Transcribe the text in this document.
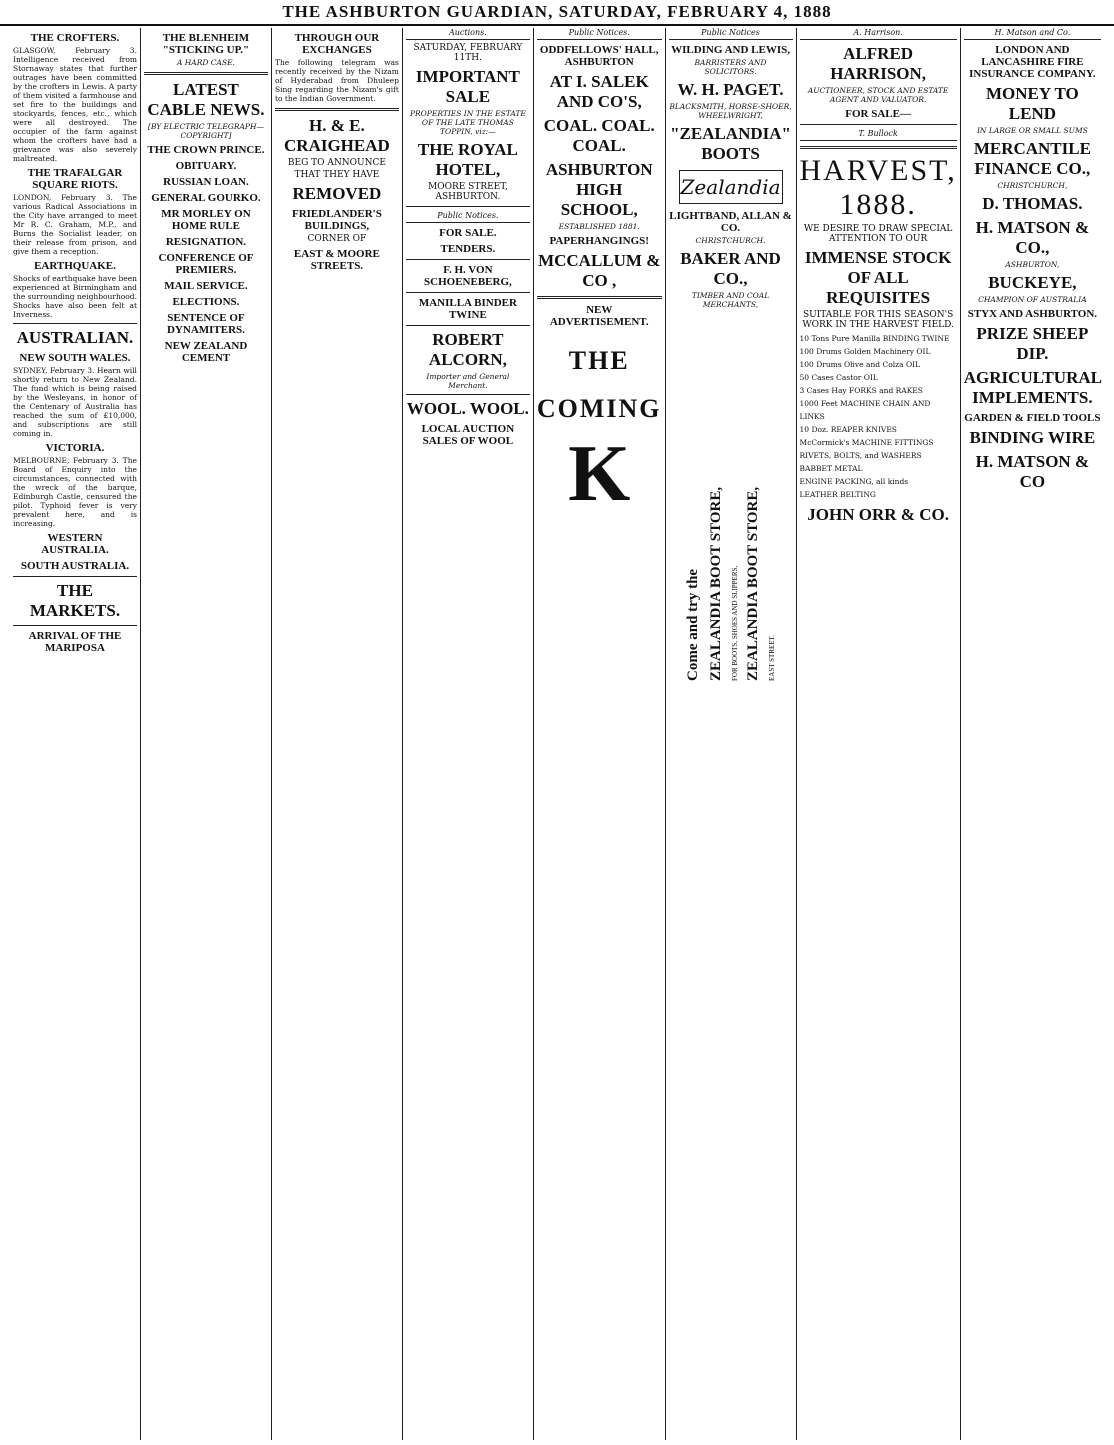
THE ASHBURTON GUARDIAN, SATURDAY, FEBRUARY 4, 1888
THE CROFTERS.
GLASGOW, February 3. Intelligence received from Stornaway states that further outrages have been committed by the crofters in Lewis. A party of them visited a farmhouse and set fire to the buildings and stockyards, fences, etc., which were all destroyed. The occupier of the farm against whom the crofters have had a grievance was also severely maltreated.
THE TRAFALGAR SQUARE RIOTS.
LONDON, February 3. The various Radical Associations in the City have arranged to meet Mr R. C. Graham, M.P., and Burns the Socialist leader, on their release from prison, and give them a reception.
EARTHQUAKE.
Shocks of earthquake have been experienced at Birmingham and the surrounding neighbourhood. Shocks have also been felt at Inverness.
AUSTRALIAN.
NEW SOUTH WALES.
SYDNEY, February 3. Hearn will shortly return to New Zealand. The fund which is being raised by the Wesleyans, in honor of the Centenary of Australia has reached the sum of £10,000, and subscriptions are still coming in.
VICTORIA.
MELBOURNE, February 3. The Board of Enquiry into the circumstances, connected with the wreck of the barque, Edinburgh Castle, censured the pilot. Typhoid fever is very prevalent here, and is increasing.
WESTERN AUSTRALIA.
SOUTH AUSTRALIA.
THE MARKETS.
ARRIVAL OF THE MARIPOSA
THE BLENHEIM "STICKING UP."
A HARD CASE.
LATEST CABLE NEWS.
[BY ELECTRIC TELEGRAPH—COPYRIGHT]
THE CROWN PRINCE.
OBITUARY.
RUSSIAN LOAN.
GENERAL GOURKO.
MR MORLEY ON HOME RULE
RESIGNATION.
CONFERENCE OF PREMIERS.
MAIL SERVICE.
ELECTIONS.
SENTENCE OF DYNAMITERS.
NEW ZEALAND CEMENT
THROUGH OUR EXCHANGES
The following telegram was recently received by the Nizam of Hyderabad from Dhuleep Sing regarding the Nizam's gift to the Indian Government.
H. & E. CRAIGHEAD
BEG TO ANNOUNCE
THAT THEY HAVE
REMOVED
FRIEDLANDER'S BUILDINGS,
CORNER OF
EAST & MOORE STREETS.
Auctions.
SATURDAY, FEBRUARY 11TH.
IMPORTANT SALE
PROPERTIES IN THE ESTATE OF THE LATE THOMAS TOPPIN, viz:—
THE ROYAL HOTEL,
MOORE STREET, ASHBURTON.
Public Notices.
FOR SALE.
TENDERS.
F. H. VON SCHOENEBERG,
MANILLA BINDER TWINE
ROBERT ALCORN,
Importer and General Merchant.
WOOL. WOOL.
LOCAL AUCTION SALES OF WOOL
Public Notices.
ODDFELLOWS' HALL, ASHBURTON
AT I. SALEK AND CO'S,
COAL. COAL. COAL.
ASHBURTON HIGH SCHOOL,
ESTABLISHED 1881.
PAPERHANGINGS!
MCCALLUM & CO ,
NEW ADVERTISEMENT.
THE
COMING
K
Public Notices
WILDING AND LEWIS,
BARRISTERS AND SOLICITORS.
W. H. PAGET.
BLACKSMITH, HORSE-SHOER, WHEELWRIGHT,
"ZEALANDIA" BOOTS
Zealandia
LIGHTBAND, ALLAN & CO.
CHRISTCHURCH.
BAKER AND CO.,
TIMBER AND COAL MERCHANTS,
Come and try the ZEALANDIA BOOT STORE, FOR BOOTS, SHOES AND SLIPPERS, ZEALANDIA BOOT STORE, EAST STREET.
A. Harrison.
ALFRED HARRISON,
AUCTIONEER, STOCK AND ESTATE AGENT AND VALUATOR.
FOR SALE—
T. Bullock
HARVEST, 1888.
WE DESIRE TO DRAW SPECIAL ATTENTION TO OUR
IMMENSE STOCK OF ALL REQUISITES
SUITABLE FOR THIS SEASON'S WORK IN THE HARVEST FIELD.
10 Tons Pure Manilla BINDING TWINE
100 Drums Golden Machinery OIL
100 Drums Olive and Colza OIL
50 Cases Castor OIL
3 Cases Hay FORKS and RAKES
1000 Feet MACHINE CHAIN AND LINKS
10 Doz. REAPER KNIVES
McCormick's MACHINE FITTINGS
RIVETS, BOLTS, and WASHERS
BABBET METAL
ENGINE PACKING, all kinds
LEATHER BELTING
JOHN ORR & CO.
H. Matson and Co.
LONDON AND LANCASHIRE FIRE INSURANCE COMPANY.
MONEY TO LEND
IN LARGE OR SMALL SUMS
MERCANTILE FINANCE CO.,
CHRISTCHURCH,
D. THOMAS.
H. MATSON & CO.,
ASHBURTON,
BUCKEYE,
CHAMPION OF AUSTRALIA
STYX AND ASHBURTON.
PRIZE SHEEP DIP.
AGRICULTURAL IMPLEMENTS.
GARDEN & FIELD TOOLS
BINDING WIRE
H. MATSON & CO
